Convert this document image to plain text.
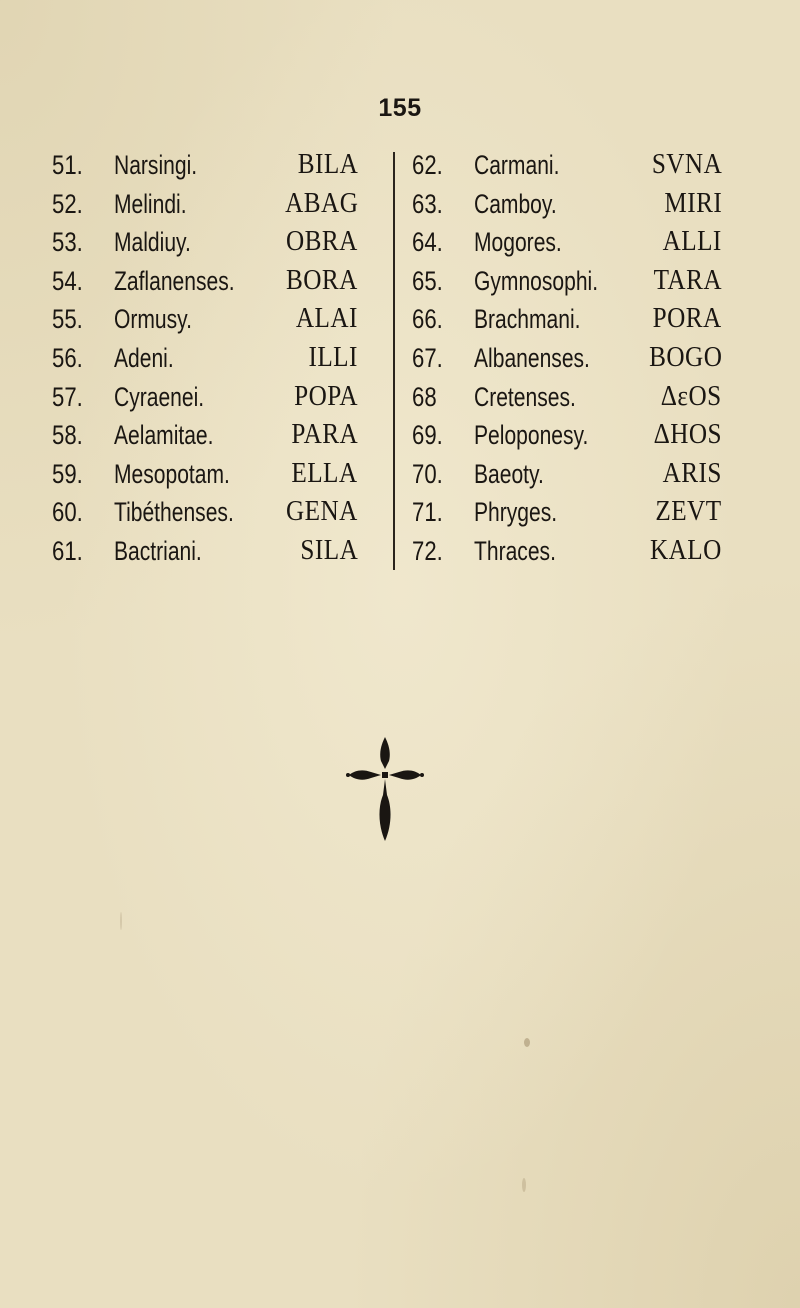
155
51. Narsingi.	BILA
52. Melindi.	ABAG
53. Maldiuy.	OBRA
54. Zaflanenses. BORA
55. Ormusy.	ALAI
56. Adeni.	ILLI
57. Cyraenei.	POPA
58. Aelamitae.	PARA
59. Mesopotam. ELLA
60. Tibéthenses. GENA
61. Bactriani.	SILA
62. Carmani.	SVNA
63. Camboy.	MIRI
64. Mogores.	ALLI
65. Gymnosophi. TARA
66. Brachmani.	PORA
67. Albanenses. BOGO
68 Cretenses.	ΔεOS
69. Peloponesy. ΔHOS
70. Baeoty.	ARIS
71. Phryges.	ZEVT
72. Thraces.	KALO
